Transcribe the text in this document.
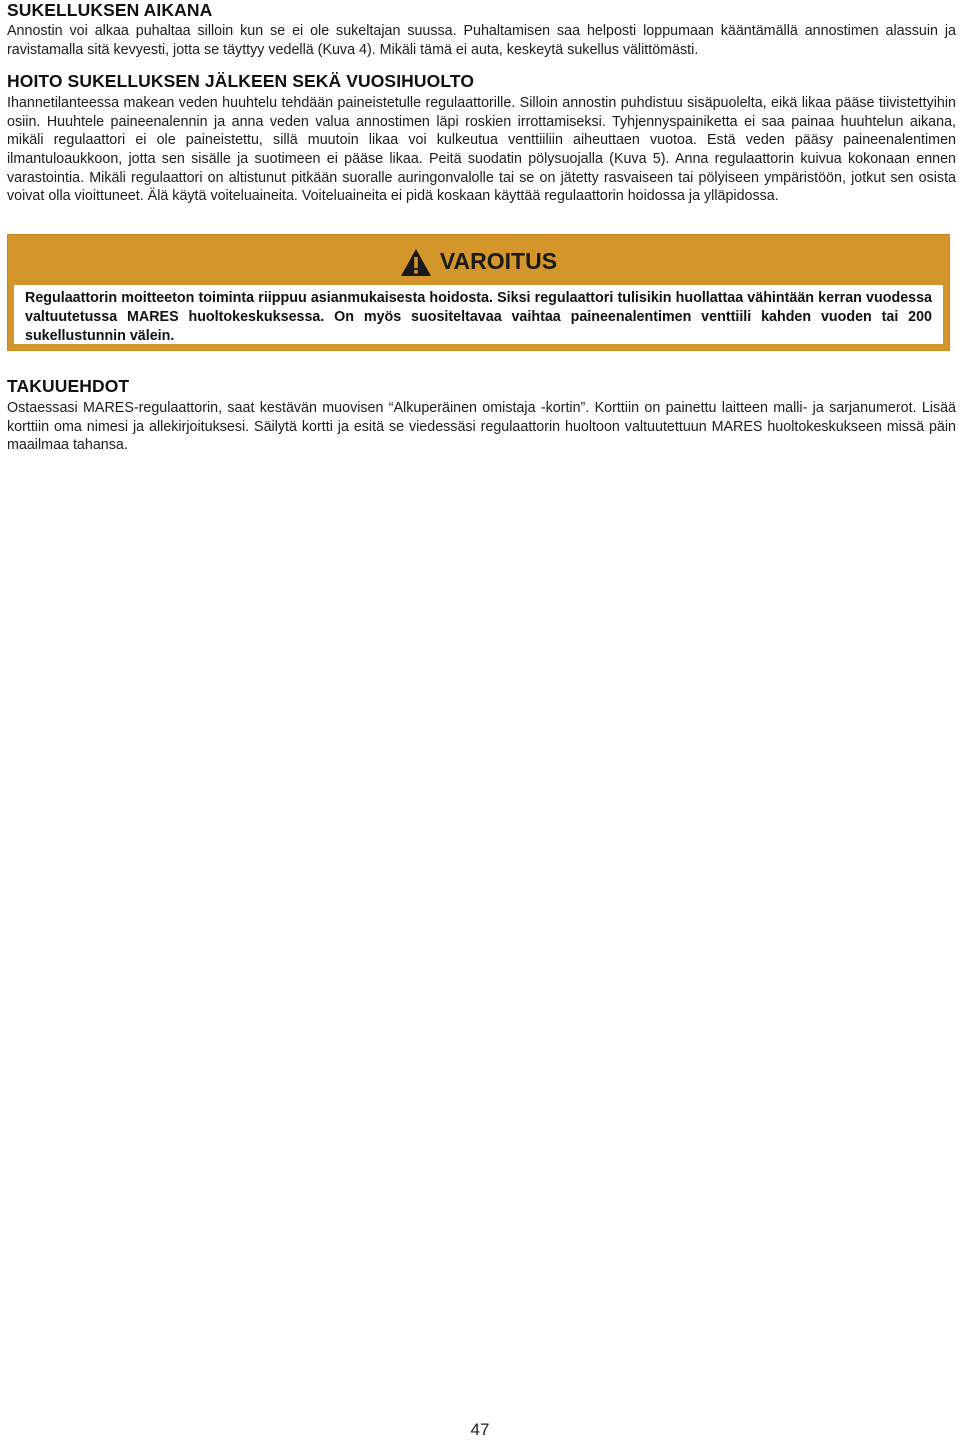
SUKELLUKSEN AIKANA

Annostin voi alkaa puhaltaa silloin kun se ei ole sukeltajan suussa. Puhaltamisen saa helposti loppumaan kääntämällä annostimen alassuin ja ravistamalla sitä kevyesti, jotta se täyttyy vedellä (Kuva 4). Mikäli tämä ei auta, keskeytä sukellus välittömästi.

HOITO SUKELLUKSEN JÄLKEEN SEKÄ VUOSIHUOLTO

Ihannetilanteessa makean veden huuhtelu tehdään paineistetulle regulaattorille. Silloin annostin puhdistuu sisäpuolelta, eikä likaa pääse tiivistettyihin osiin. Huuhtele paineenalennin ja anna veden valua annostimen läpi roskien irrottamiseksi. Tyhjennyspainiketta ei saa painaa huuhtelun aikana, mikäli regulaattori ei ole paineistettu, sillä muutoin likaa voi kulkeutua venttiiliin aiheuttaen vuotoa. Estä veden pääsy paineenalentimen ilmantuloaukkoon, jotta sen sisälle ja suotimeen ei pääse likaa. Peitä suodatin pölysuojalla (Kuva 5). Anna regulaattorin kuivua kokonaan ennen varastointia. Mikäli regulaattori on altistunut pitkään suoralle auringonvalolle tai se on jätetty rasvaiseen tai pölyiseen ympäristöön, jotkut sen osista voivat olla vioittuneet. Älä käytä voiteluaineita. Voiteluaineita ei pidä koskaan käyttää regulaattorin hoidossa ja ylläpidossa.

VAROITUS

Regulaattorin moitteeton toiminta riippuu asianmukaisesta hoidosta. Siksi regulaattori tulisikin huollattaa vähintään kerran vuodessa valtuutetussa MARES huoltokeskuksessa. On myös suositeltavaa vaihtaa paineenalentimen venttiili kahden vuoden tai 200 sukellustunnin välein.

TAKUUEHDOT

Ostaessasi MARES-regulaattorin, saat kestävän muovisen “Alkuperäinen omistaja -kortin”. Korttiin on painettu laitteen malli- ja sarjanumerot. Lisää korttiin oma nimesi ja allekirjoituksesi. Säilytä kortti ja esitä se viedessäsi regulaattorin huoltoon valtuutettuun MARES huoltokeskukseen missä päin maailmaa tahansa.

47
